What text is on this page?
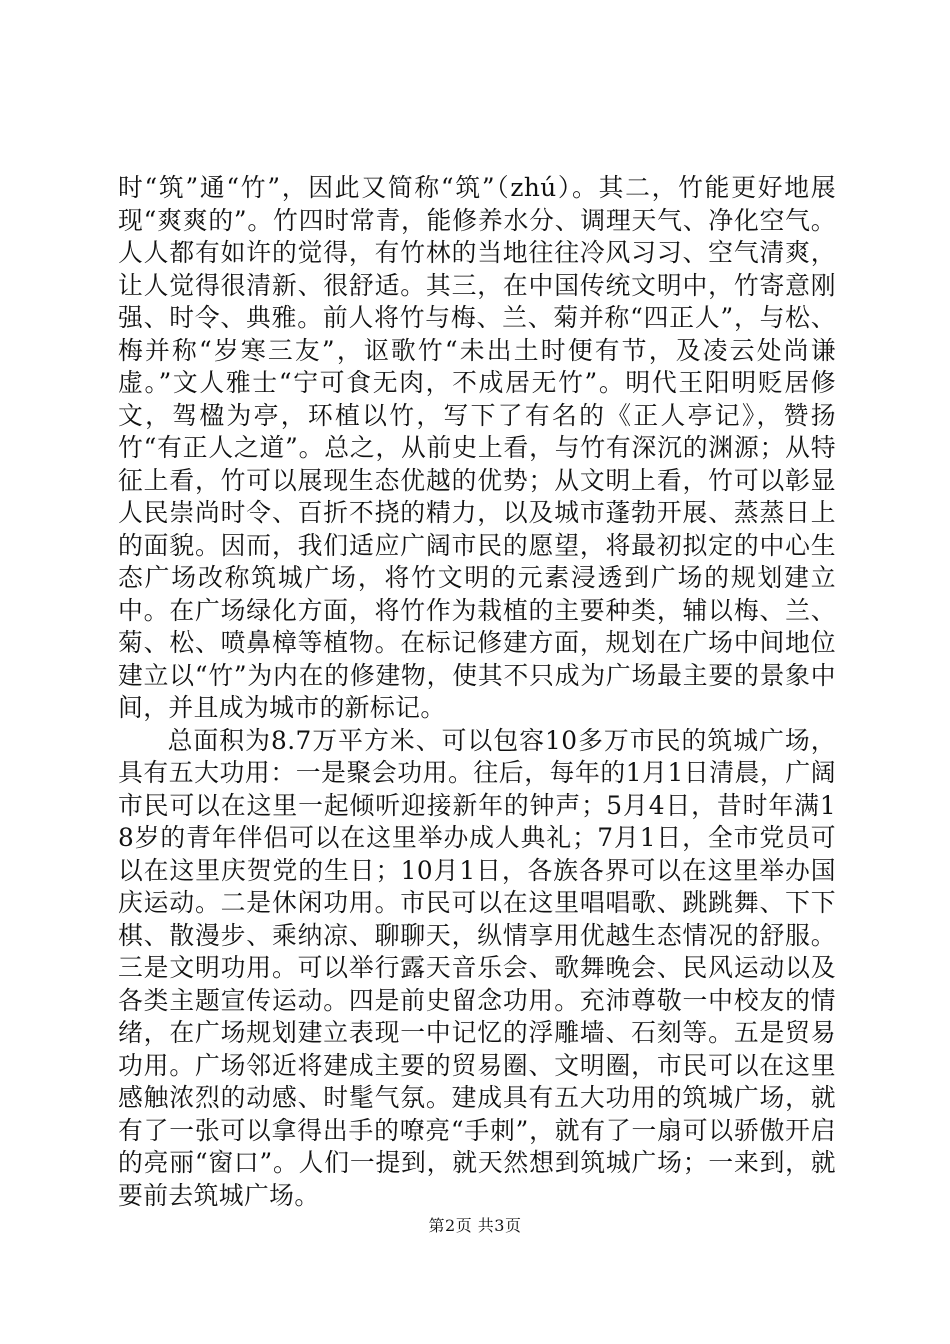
时“筑”通“竹”，因此又简称“筑”（zhú）。其二，竹能更好地展现“爽爽的”。竹四时常青，能修养水分、调理天气、净化空气。人人都有如许的觉得，有竹林的当地往往冷风习习、空气清爽，让人觉得很清新、很舒适。其三，在中国传统文明中，竹寄意刚强、时令、典雅。前人将竹与梅、兰、菊并称“四正人”，与松、梅并称“岁寒三友”，讴歌竹“未出土时便有节，及凌云处尚谦虚。”文人雅士“宁可食无肉，不成居无竹”。明代王阳明贬居修文，驾楹为亭，环植以竹，写下了有名的《正人亭记》，赞扬竹“有正人之道”。总之，从前史上看，与竹有深沉的渊源；从特征上看，竹可以展现生态优越的优势；从文明上看，竹可以彰显人民崇尚时令、百折不挠的精力，以及城市蓬勃开展、蒸蒸日上的面貌。因而，我们适应广阔市民的愿望，将最初拟定的中心生态广场改称筑城广场，将竹文明的元素浸透到广场的规划建立中。在广场绿化方面，将竹作为栽植的主要种类，辅以梅、兰、菊、松、喷鼻樟等植物。在标记修建方面，规划在广场中间地位建立以“竹”为内在的修建物，使其不只成为广场最主要的景象中间，并且成为城市的新标记。

总面积为8.7万平方米、可以包容10多万市民的筑城广场，具有五大功用：一是聚会功用。往后，每年的1月1日清晨，广阔市民可以在这里一起倾听迎接新年的钟声；5月4日，昔时年满18岁的青年伴侣可以在这里举办成人典礼；7月1日，全市党员可以在这里庆贺党的生日；10月1日，各族各界可以在这里举办国庆运动。二是休闲功用。市民可以在这里唱唱歌、跳跳舞、下下棋、散漫步、乘纳凉、聊聊天，纵情享用优越生态情况的舒服。三是文明功用。可以举行露天音乐会、歌舞晚会、民风运动以及各类主题宣传运动。四是前史留念功用。充沛尊敬一中校友的情绪，在广场规划建立表现一中记忆的浮雕墙、石刻等。五是贸易功用。广场邻近将建成主要的贸易圈、文明圈，市民可以在这里感触浓烈的动感、时髦气氛。建成具有五大功用的筑城广场，就有了一张可以拿得出手的嘹亮“手刺”，就有了一扇可以骄傲开启的亮丽“窗口”。人们一提到，就天然想到筑城广场；一来到，就要前去筑城广场。

第2页 共3页
